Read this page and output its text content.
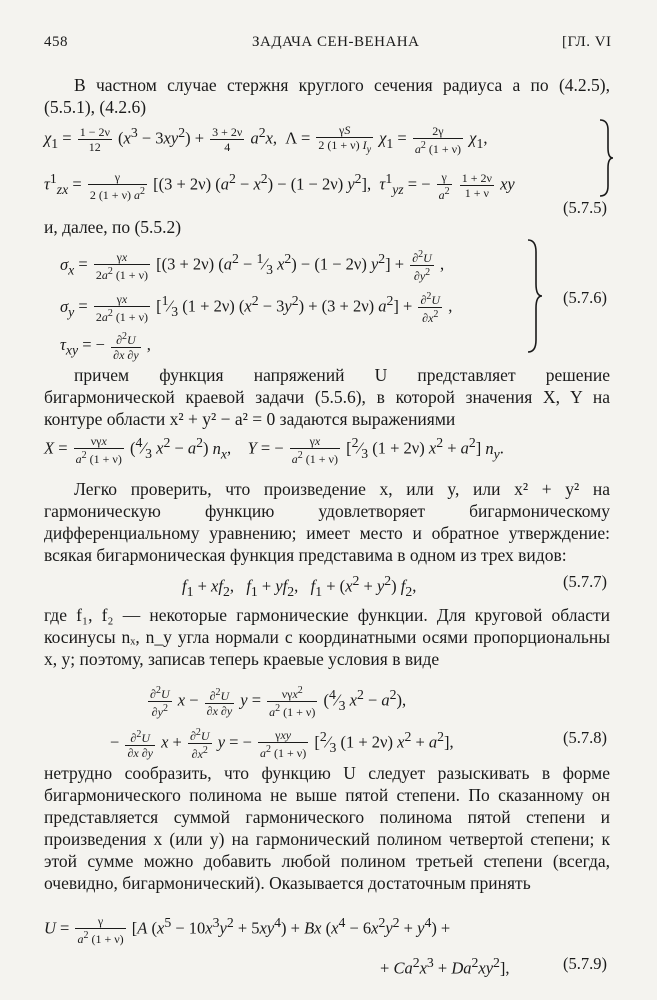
458	ЗАДАЧА СЕН-ВЕНАНА	[ГЛ. VI
В частном случае стержня круглого сечения радиуса a по (4.2.5), (5.5.1), (4.2.6)
$\chi_1 = \frac{1 - 2\nu}{12} (x^3 - 3xy^2) + \frac{3 + 2\nu}{4} a^2x$,  $\Lambda = \frac{\gamma S}{2 (1 + \nu) I_y} \chi_1 = \frac{2\gamma}{a^2 (1 + \nu)} \chi_1$,
$\tau^1_{zx} = \frac{\gamma}{2 (1 + \nu) a^2} [(3 + 2\nu) (a^2 - x^2) - (1 - 2\nu)$ $y^2$],  $\tau^1_{yz}$ = − $\frac{\gamma}{a^2}$
$\frac{1 + 2\nu}{1 + \nu}$ xy
(5.7.5)
и, далее, по (5.5.2)
$\sigma_x = \frac{\gamma x}{2a^2 (1 + \nu)} [(3 + 2\nu) (a^2$ − $^1⁄_3$ $x^2) - (1 - 2\nu)$ $y^2] + \frac{\partial^2U}{\partial y^2}$ ,
$\sigma_y = \frac{\gamma x}{2a^2 (1 + \nu)}$ [$^1⁄_3$ (1 + 2ν) $(x^2 - 3y^2) + (3 + 2\nu) a^2] + \frac{\partial^2U}{\partial x^2}$ ,
$\tau_{xy}$ = − $\frac{\partial^2U}{\partial x \partial y}$ ,
(5.7.6)
причем функция напряжений U представляет решение бигармонической краевой задачи (5.5.6), в которой значения X, Y на контуре области x² + y² − a² = 0 задаются выражениями
X =	νγx
$a^2$ (1 + ν)
($^4⁄_3$ $x^2 - a^2$) $n_x$,    Y = − $\frac{\gamma x}{a^2 (1 + \nu)}$ [$^2⁄_3$ (1 + 2ν) $x^2 + a^2$] $n_y$.
Легко проверить, что произведение x, или y, или x² + y² на гармоническую функцию удовлетворяет бигармоническому дифференциальному уравнению; имеет место и обратное утверждение: всякая бигармоническая функция представима в одном из трех видов:
$f_1 + xf_2$,   $f_1 + yf_2$,   $f_1 + (x^2 + y^2)$ $f_2$,	(5.7.7)
где f₁, f₂ — некоторые гармонические функции. Для круговой области косинусы nₓ, n_y угла нормали с координатными осями пропорциональны x, y; поэтому, записав теперь краевые условия в виде
$\frac{\partial^2U}{\partial y^2}$ $x - \frac{\partial^2U}{\partial x \partial y}$ y =	νγx$^2$
$a^2$ (1 + ν)
($^4⁄_3$ $x^2 - a^2$),
− $\frac{\partial^2U}{\partial x \partial y}$ $x + \frac{\partial^2U}{\partial x^2}$ y = −	γxy
$a^2$ (1 + ν)
[$^2⁄_3$ (1 + 2ν) $x^2 + a^2$],	(5.7.8)
нетрудно сообразить, что функцию U следует разыскивать в форме бигармонического полинома не выше пятой степени. По сказанному он представляется суммой гармонического полинома пятой степени и произведения x (или y) на гармонический полином четвертой степени; к этой сумме можно добавить любой полином третьей степени (всегда, очевидно, бигармонический). Оказывается достаточным принять
$U = \frac{\gamma}{a^2 (1 + \nu)} [A$ $(x^5 - 10x^3y^2 + 5xy^4) + Bx$ $(x^4 - 6x^2y^2 + y^4)$ +
+ $Ca^2x^3 + Da^2xy^2$],	(5.7.9)
